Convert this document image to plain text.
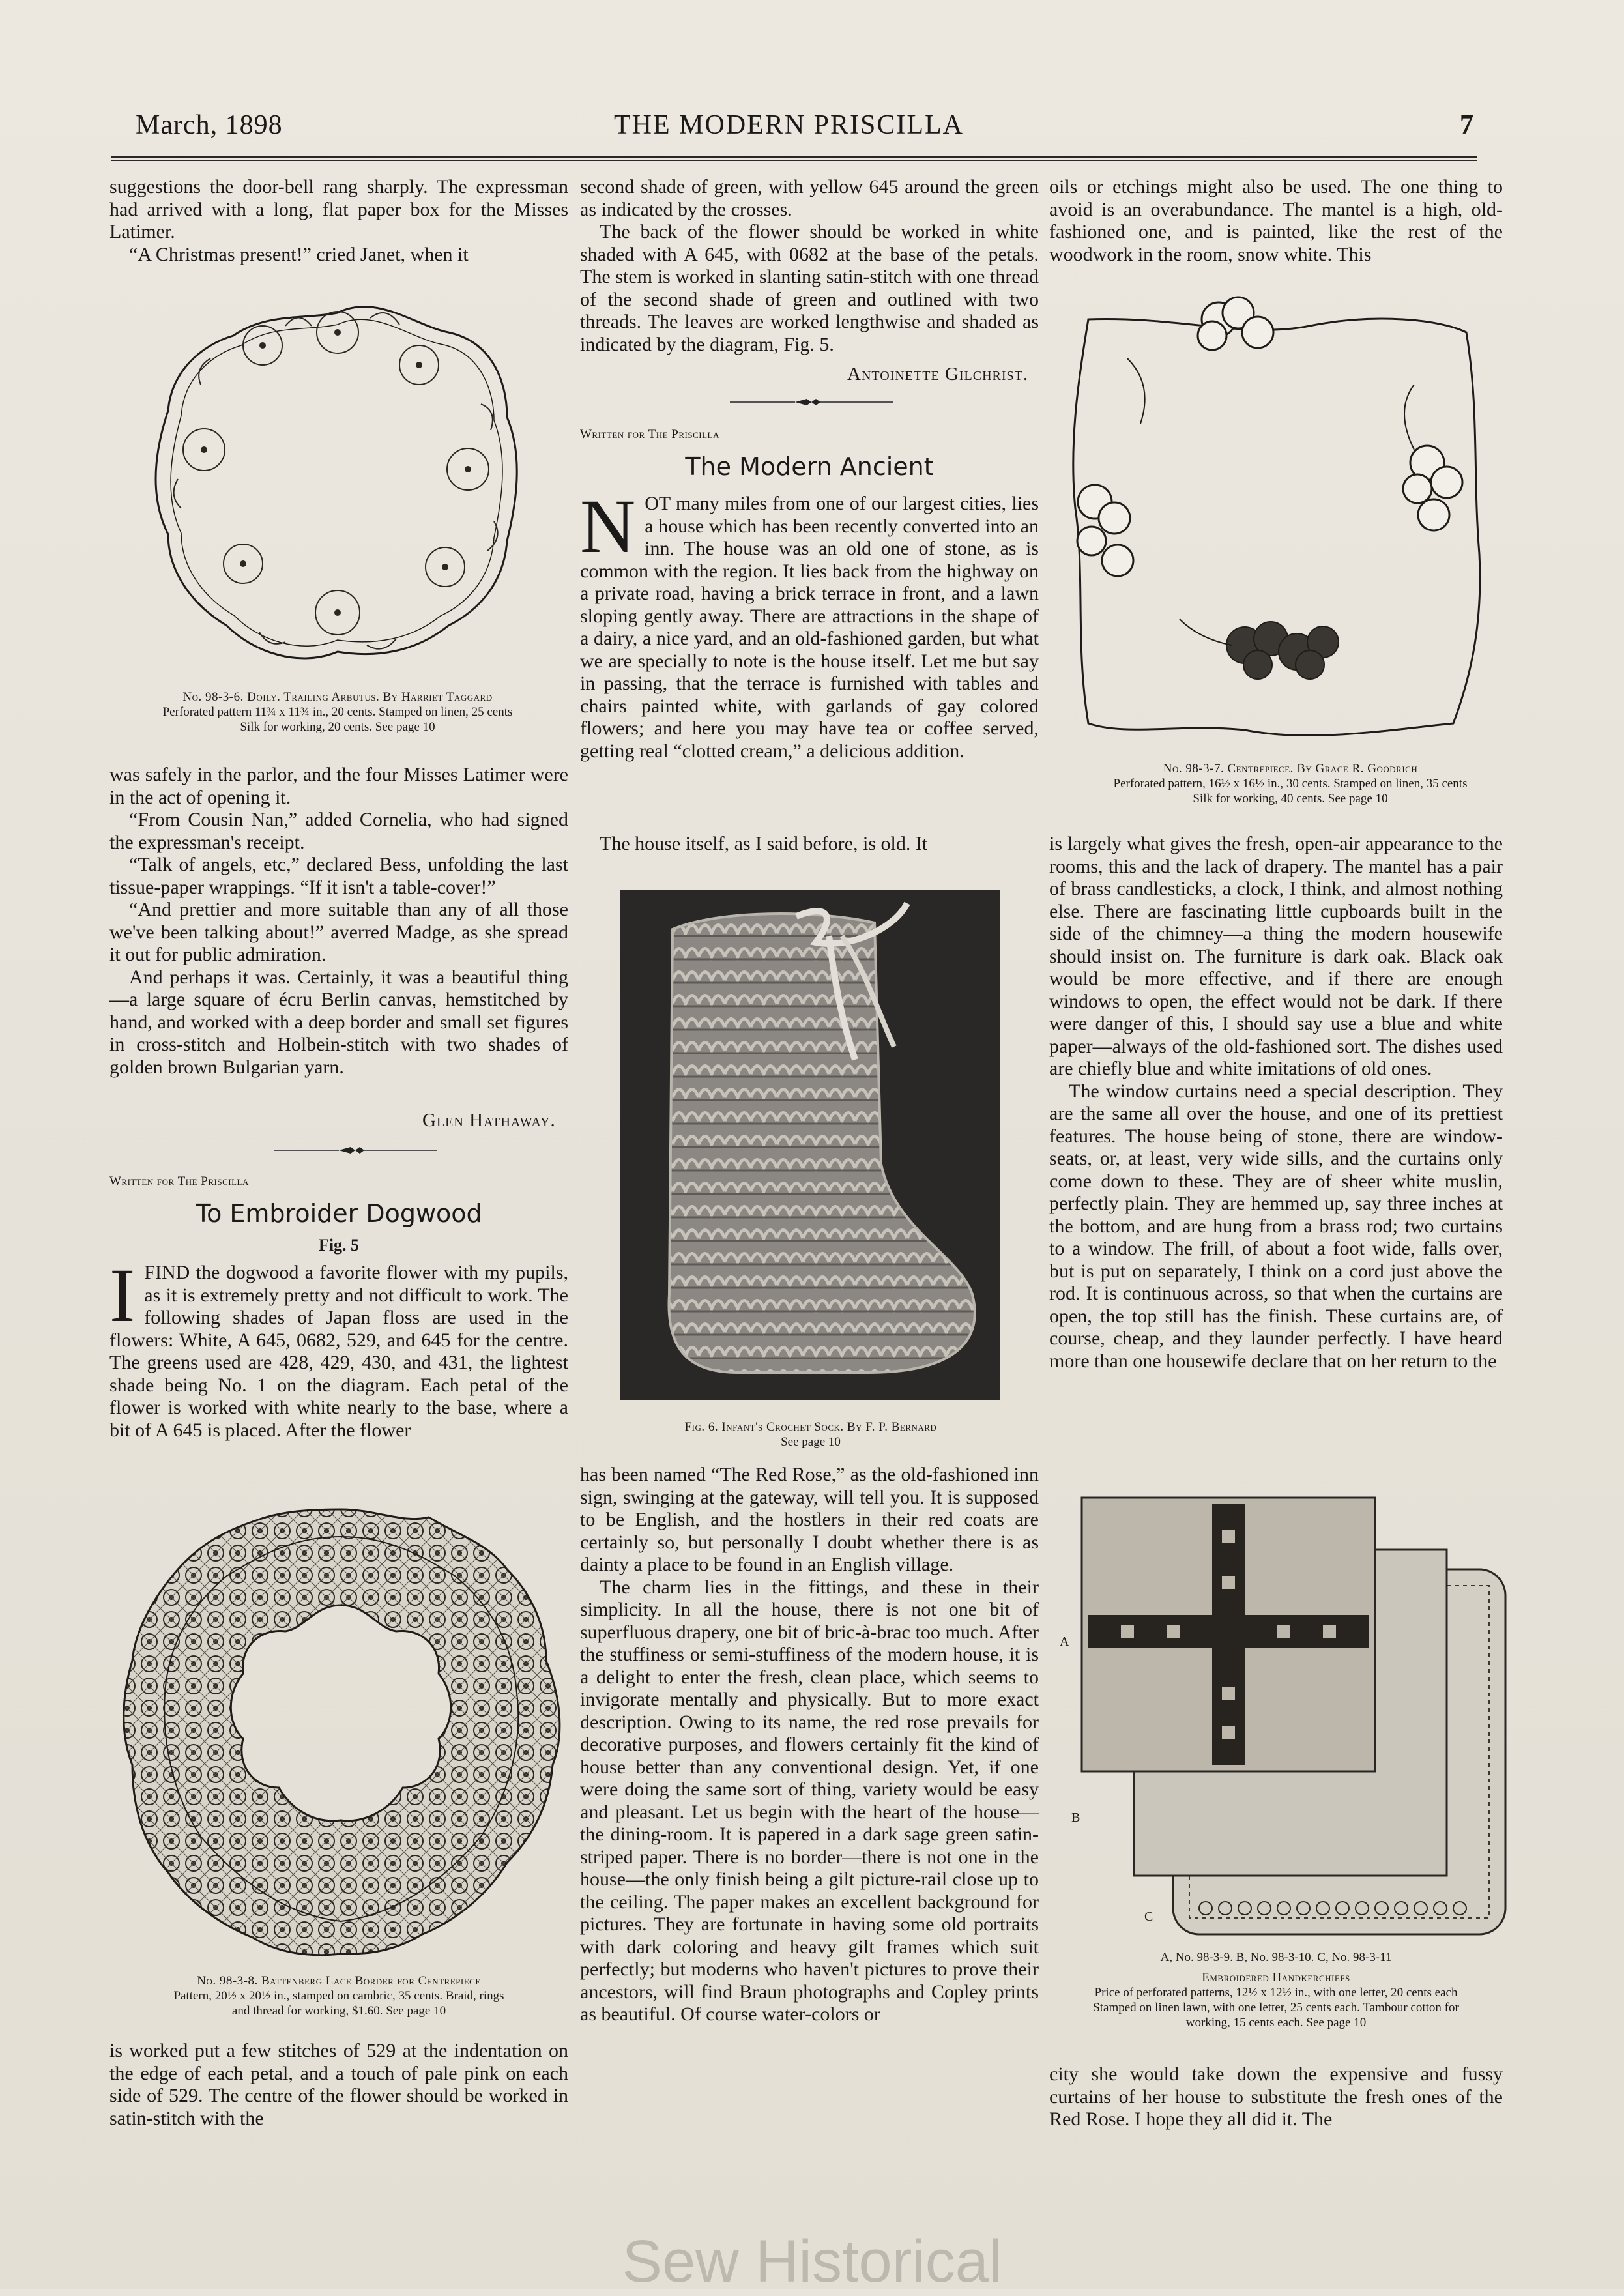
March, 1898	THE MODERN PRISCILLA	7

suggestions the door-bell rang sharply. The expressman had arrived with a long, flat paper box for the Misses Latimer.

“A Christmas present!” cried Janet, when it

No. 98-3-6. Doily. Trailing Arbutus. By Harriet Taggard
Perforated pattern 11¾ x 11¾ in., 20 cents. Stamped on linen, 25 cents
Silk for working, 20 cents. See page 10

was safely in the parlor, and the four Misses Latimer were in the act of opening it.

“From Cousin Nan,” added Cornelia, who had signed the expressman's receipt.

“Talk of angels, etc,” declared Bess, unfolding the last tissue-paper wrappings. “If it isn't a table-cover!”

“And prettier and more suitable than any of all those we've been talking about!” averred Madge, as she spread it out for public admiration.

And perhaps it was. Certainly, it was a beautiful thing—a large square of écru Berlin canvas, hemstitched by hand, and worked with a deep border and small set figures in cross-stitch and Holbein-stitch with two shades of golden brown Bulgarian yarn.

Glen Hathaway.
Written for The Priscilla
To Embroider Dogwood
Fig. 5
I FIND the dogwood a favorite flower with my pupils, as it is extremely pretty and not difficult to work. The following shades of Japan floss are used in the flowers: White, A 645, 0682, 529, and 645 for the centre. The greens used are 428, 429, 430, and 431, the lightest shade being No. 1 on the diagram. Each petal of the flower is worked with white nearly to the base, where a bit of A 645 is placed. After the flower
No. 98-3-8. Battenberg Lace Border for Centrepiece
Pattern, 20½ x 20½ in., stamped on cambric, 35 cents. Braid, rings
and thread for working, $1.60. See page 10

is worked put a few stitches of 529 at the indentation on the edge of each petal, and a touch of pale pink on each side of 529. The centre of the flower should be worked in satin-stitch with the

second shade of green, with yellow 645 around the green as indicated by the crosses.

The back of the flower should be worked in white shaded with A 645, with 0682 at the base of the petals. The stem is worked in slanting satin-stitch with one thread of the second shade of green and outlined with two threads. The leaves are worked lengthwise and shaded as indicated by the diagram, Fig. 5.

Antoinette Gilchrist.
Written for The Priscilla
The Modern Ancient
N OT many miles from one of our largest cities, lies a house which has been recently converted into an inn. The house was an old one of stone, as is common with the region. It lies back from the highway on a private road, having a brick terrace in front, and a lawn sloping gently away. There are attractions in the shape of a dairy, a nice yard, and an old-fashioned garden, but what we are specially to note is the house itself. Let me but say in passing, that the terrace is furnished with tables and chairs painted white, with garlands of gay colored flowers; and here you may have tea or coffee served, getting real “clotted cream,” a delicious addition.

The house itself, as I said before, is old. It

Fig. 6. Infant's Crochet Sock. By F. P. Bernard
See page 10

has been named “The Red Rose,” as the old-fashioned inn sign, swinging at the gateway, will tell you. It is supposed to be English, and the hostlers in their red coats are certainly so, but personally I doubt whether there is as dainty a place to be found in an English village.

The charm lies in the fittings, and these in their simplicity. In all the house, there is not one bit of superfluous drapery, one bit of bric-à-brac too much. After the stuffiness or semi-stuffiness of the modern house, it is a delight to enter the fresh, clean place, which seems to invigorate mentally and physically. But to more exact description. Owing to its name, the red rose prevails for decorative purposes, and flowers certainly fit the kind of house better than any conventional design. Yet, if one were doing the same sort of thing, variety would be easy and pleasant. Let us begin with the heart of the house—the dining-room. It is papered in a dark sage green satin-striped paper. There is no border—there is not one in the house—the only finish being a gilt picture-rail close up to the ceiling. The paper makes an excellent background for pictures. They are fortunate in having some old portraits with dark coloring and heavy gilt frames which suit perfectly; but moderns who haven't pictures to prove their ancestors, will find Braun photographs and Copley prints as beautiful. Of course water-colors or

oils or etchings might also be used. The one thing to avoid is an overabundance. The mantel is a high, old-fashioned one, and is painted, like the rest of the woodwork in the room, snow white. This

No. 98-3-7. Centrepiece. By Grace R. Goodrich
Perforated pattern, 16½ x 16½ in., 30 cents. Stamped on linen, 35 cents
Silk for working, 40 cents. See page 10

is largely what gives the fresh, open-air appearance to the rooms, this and the lack of drapery. The mantel has a pair of brass candlesticks, a clock, I think, and almost nothing else. There are fascinating little cupboards built in the side of the chimney—a thing the modern housewife should insist on. The furniture is dark oak. Black oak would be more effective, and if there are enough windows to open, the effect would not be dark. If there were danger of this, I should say use a blue and white paper—always of the old-fashioned sort. The dishes used are chiefly blue and white imitations of old ones.

The window curtains need a special description. They are the same all over the house, and one of its prettiest features. The house being of stone, there are window-seats, or, at least, very wide sills, and the curtains only come down to these. They are of sheer white muslin, perfectly plain. They are hemmed up, say three inches at the bottom, and are hung from a brass rod; two curtains to a window. The frill, of about a foot wide, falls over, but is put on separately, I think on a cord just above the rod. It is continuous across, so that when the curtains are open, the top still has the finish. These curtains are, of course, cheap, and they launder perfectly. I have heard more than one housewife declare that on her return to the

A
B
C
A, No. 98-3-9. B, No. 98-3-10. C, No. 98-3-11
Embroidered Handkerchiefs
Price of perforated patterns, 12½ x 12½ in., with one letter, 20 cents each
Stamped on linen lawn, with one letter, 25 cents each. Tambour cotton for
working, 15 cents each. See page 10

city she would take down the expensive and fussy curtains of her house to substitute the fresh ones of the Red Rose. I hope they all did it. The

Sew Historical
